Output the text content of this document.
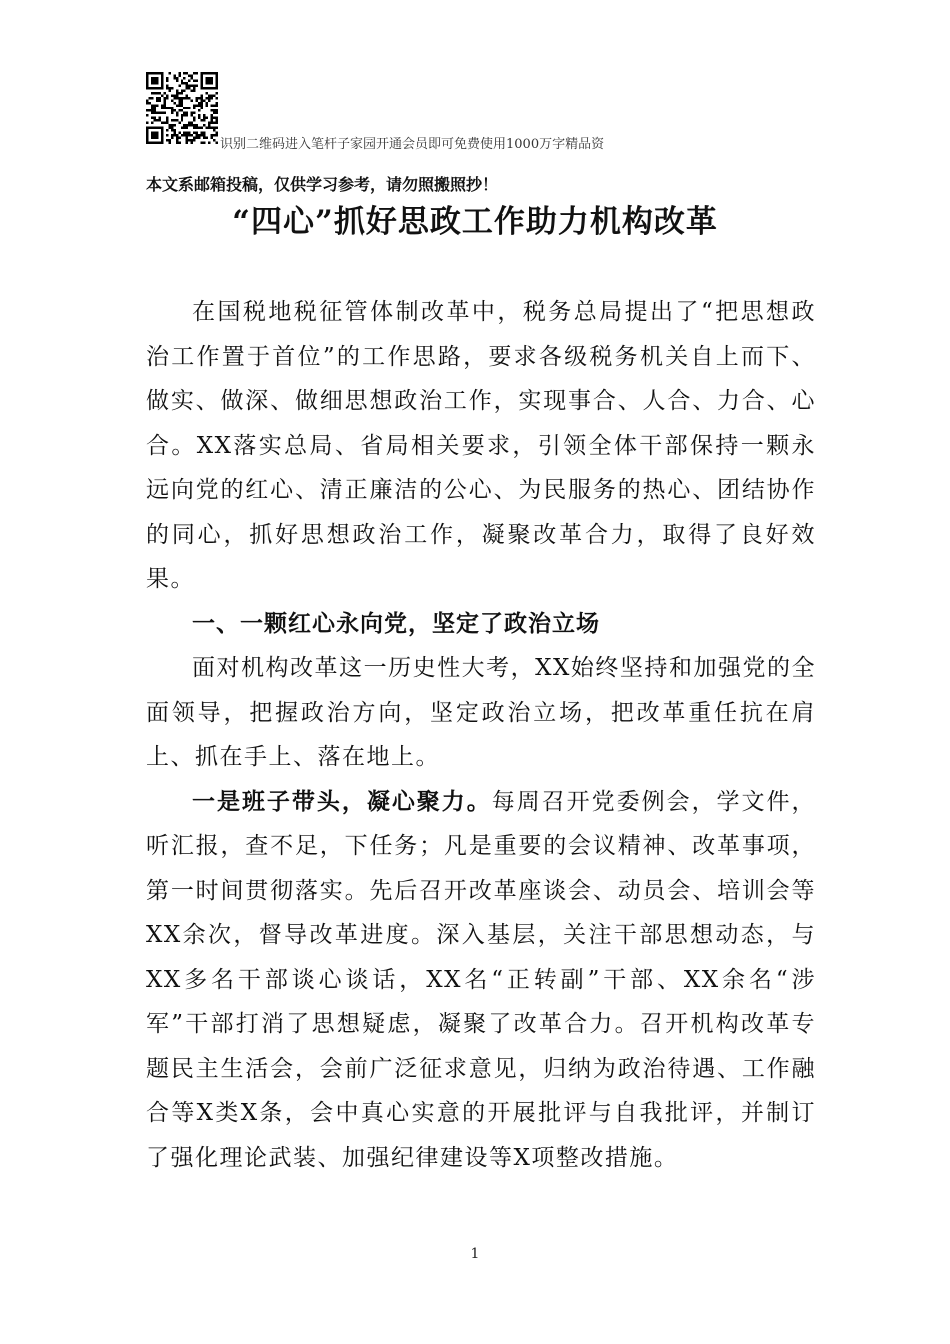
识别二维码进入笔杆子家园开通会员即可免费使用1000万字精品资
本文系邮箱投稿，仅供学习参考，请勿照搬照抄！
“四心”抓好思政工作助力机构改革

在国税地税征管体制改革中，税务总局提出了“把思想政治工作置于首位”的工作思路，要求各级税务机关自上而下、做实、做深、做细思想政治工作，实现事合、人合、力合、心合。XX落实总局、省局相关要求，引领全体干部保持一颗永远向党的红心、清正廉洁的公心、为民服务的热心、团结协作的同心，抓好思想政治工作，凝聚改革合力，取得了良好效果。

一、一颗红心永向党，坚定了政治立场

面对机构改革这一历史性大考，XX始终坚持和加强党的全面领导，把握政治方向，坚定政治立场，把改革重任抗在肩上、抓在手上、落在地上。

一是班子带头，凝心聚力。每周召开党委例会，学文件，听汇报，查不足，下任务；凡是重要的会议精神、改革事项，第一时间贯彻落实。先后召开改革座谈会、动员会、培训会等XX余次，督导改革进度。深入基层，关注干部思想动态，与XX多名干部谈心谈话，XX名“正转副”干部、XX余名“涉军”干部打消了思想疑虑，凝聚了改革合力。召开机构改革专题民主生活会，会前广泛征求意见，归纳为政治待遇、工作融合等X类X条，会中真心实意的开展批评与自我批评，并制订了强化理论武装、加强纪律建设等X项整改措施。

1
